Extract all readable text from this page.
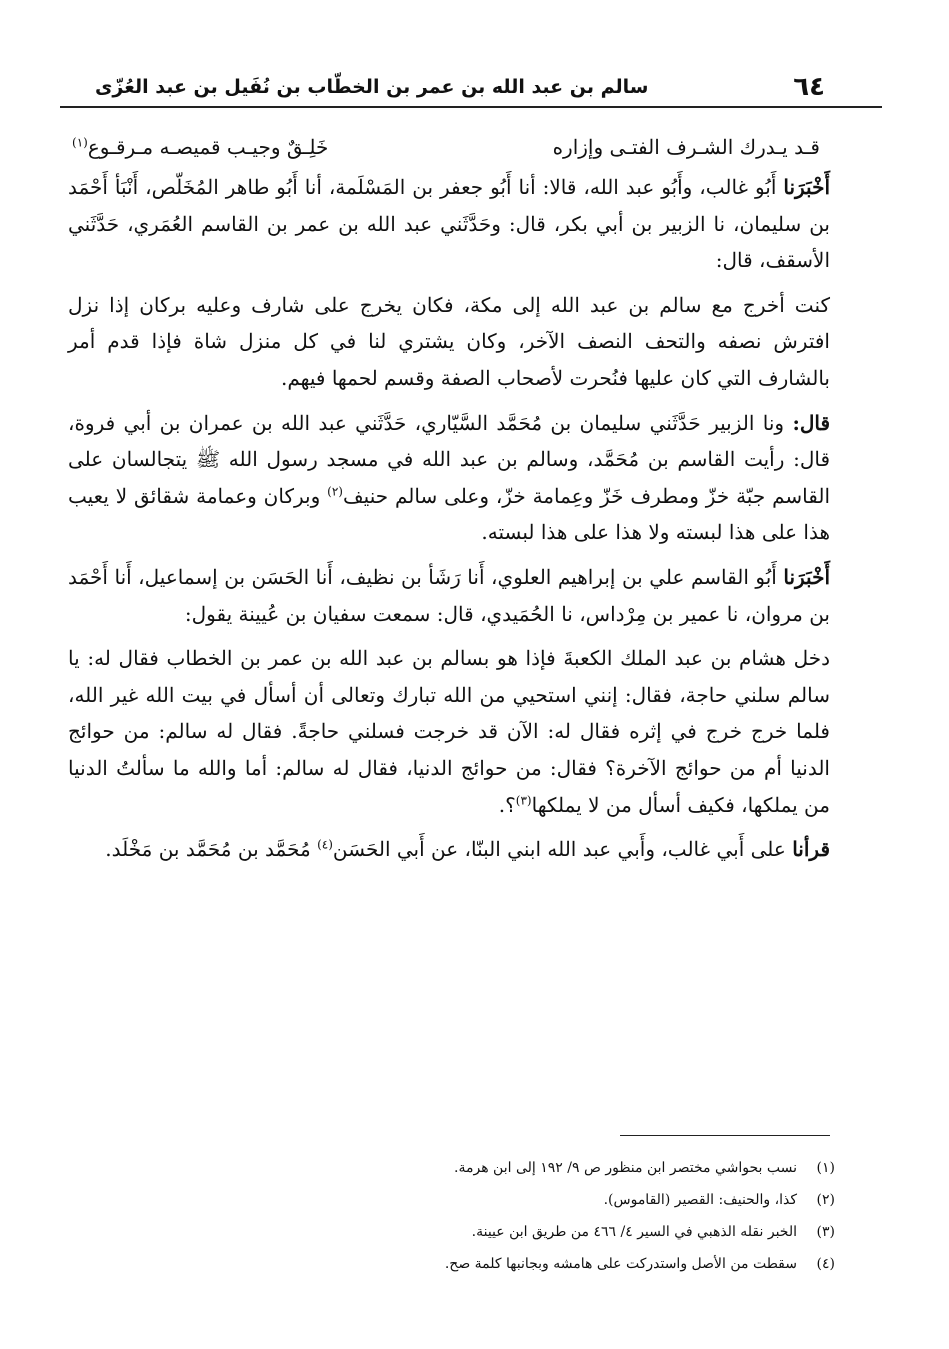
٦٤
سالم بن عبد الله بن عمر بن الخطّاب بن نُفَيل بن عبد العُزّى
قـد يـدرك الشـرف الفتـى وإزاره
خَلِـقٌ وجيـب قميصـه مـرقـوع$^{(١)}$

أَخْبَرَنا أَبُو غالب، وأَبُو عبد الله، قالا: أنا أَبُو جعفر بن المَسْلَمة، أنا أَبُو طاهر المُخَلّص، أَنْبَأ أَحْمَد بن سليمان، نا الزبير بن أبي بكر، قال: وحَدَّثَني عبد الله بن عمر بن القاسم العُمَري، حَدَّثَني الأسقف، قال:

كنت أخرج مع سالم بن عبد الله إلى مكة، فكان يخرج على شارف وعليه بركان إذا نزل افترش نصفه والتحف النصف الآخر، وكان يشتري لنا في كل منزل شاة فإذا قدم أمر بالشارف التي كان عليها فنُحرت لأصحاب الصفة وقسم لحمها فيهم.

قال: ونا الزبير حَدَّثَني سليمان بن مُحَمَّد السَّيّاري، حَدَّثَني عبد الله بن عمران بن أبي فروة، قال: رأيت القاسم بن مُحَمَّد، وسالم بن عبد الله في مسجد رسول الله ﷺ يتجالسان على القاسم جبّة خزّ ومطرف خَزّ وعِمامة خزّ، وعلى سالم حنيف$^{(٢)}$ وبركان وعمامة شقائق لا يعيب هذا على هذا لبسته ولا هذا على هذا لبسته.

أَخْبَرَنا أَبُو القاسم علي بن إبراهيم العلوي، أَنا رَشَأ بن نظيف، أَنا الحَسَن بن إسماعيل، أَنا أَحْمَد بن مروان، نا عمير بن مِرْداس، نا الحُمَيدي، قال: سمعت سفيان بن عُيينة يقول:

دخل هشام بن عبد الملك الكعبةَ فإذا هو بسالم بن عبد الله بن عمر بن الخطاب فقال له: يا سالم سلني حاجة، فقال: إنني استحيي من الله تبارك وتعالى أن أسأل في بيت الله غير الله، فلما خرج خرج في إثره فقال له: الآن قد خرجت فسلني حاجةً. فقال له سالم: من حوائج الدنيا أم من حوائج الآخرة؟ فقال: من حوائج الدنيا، فقال له سالم: أما والله ما سألتُ الدنيا من يملكها، فكيف أسأل من لا يملكها$^{(٣)}$؟.

قرأنا على أَبي غالب، وأَبي عبد الله ابني البنّا، عن أَبي الحَسَن$^{(٤)}$ مُحَمَّد بن مُحَمَّد بن مَخْلَد.

(١)
نسب بحواشي مختصر ابن منظور ص ٩/ ١٩٢ إلى ابن هرمة.
(٢)
كذا، والحنيف: القصير (القاموس).
(٣)
الخبر نقله الذهبي في السير ٤/ ٤٦٦ من طريق ابن عيينة.
(٤)
سقطت من الأصل واستدركت على هامشه وبجانبها كلمة صح.
